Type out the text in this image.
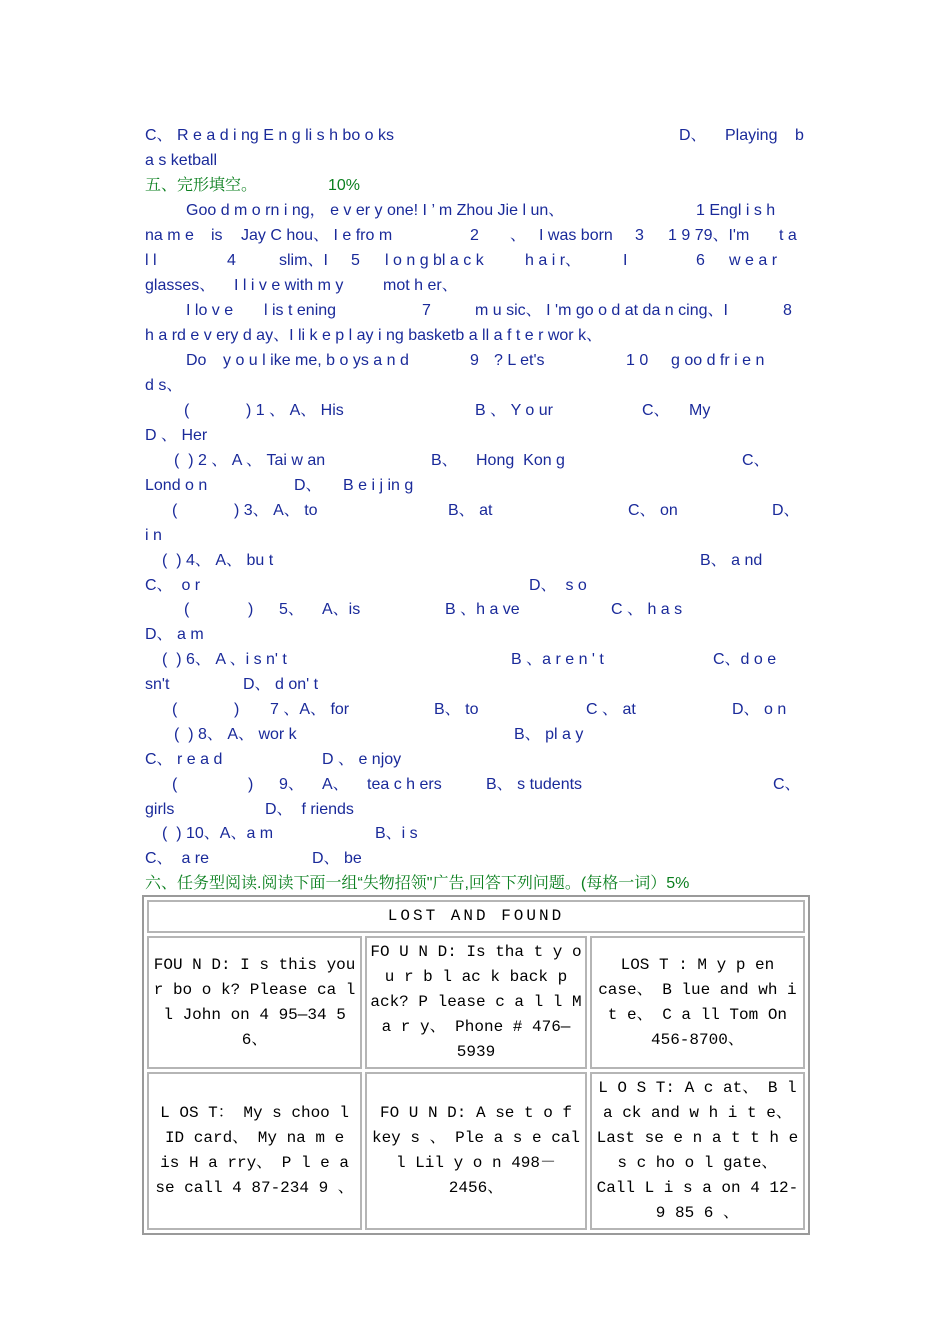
C、 R e a d i ng E n g li s h bo o ks	D、 Playing b
a s ketball
五、完形填空。	10%
Goo d m o rn i ng， e v er y one! I ’ m Zhou Jie l un、	1 Engl i s h
na m e is Jay C hou、 I e fro m	2 、 I was born 3 1 9 79、I'm t a
l l	4	slim、I 5 l o n g bl a c k	h a i r、	I	6 w e a r
glasses、 I l i v e with m y mot h er、
I lo v e l is t ening	7	m u sic、 I 'm go o d at da n cing、I	8
h a rd e v ery d ay、I li k e p l ay i ng basketb a ll a f t e r wor k、
Do y o u l ike me, b o ys a n d	9 ? L et's	1 0 g oo d fr i e n
d s、
(	) 1 、 A、 His	B 、 Y o ur	C、 My
D 、 Her
(  ) 2 、 A 、 Tai w an	B、 Hong  Kon g	C、
Lond o n	D、 B e i j in g
(	) 3、 A、 to	B、 at	C、 on	D、
i n
(  ) 4、 A、 bu t	B、 a nd
C、  o r	D、  s o
(	) 5、 A、is	B 、h a ve	C 、 h a s
D、 a m
(  ) 6、 A 、i s n' t	B 、a r e n ' t	C、d o e
sn't	D、 d on' t
(	) 7 、A、 for	B、 to	C 、 at	D、 o n
(  ) 8、 A、 wor k	B、 pl a y
C、 r e a d	D 、 e njoy
(	) 9、 A、 tea c h ers	B、 s tudents	C、
girls	D、  f riends
(  ) 10、A、a m	B、i s
C、  a re	D、 be
六、任务型阅读.阅读下面一组“失物招领"广告,回答下列问题。(每格一词）5%
LOST AND FOUND		
FOU N D: I s this you r bo o k? Please ca l l John on 4 95—34 5 6、	FO U N D: Is tha t y o u r b l ac k back p ack? P lease c a l l M a r y、 Phone # 476—5939	LOS T : M y p en case、 B lue and wh i t e、 C a ll Tom On 456-8700、
L OS T： My s choo l ID card、 My na m e is H a rry、 P l e a se call 4 87-234 9 、	FO U N D: A se t o f key s 、 Ple a s e cal l Lil y o n 498－2456、	L O S T: A c at、 B l a ck and w h i t e、 Last se e n a t t h e s c ho o l gate、 Call L i s a on 4 12-9 85 6 、
